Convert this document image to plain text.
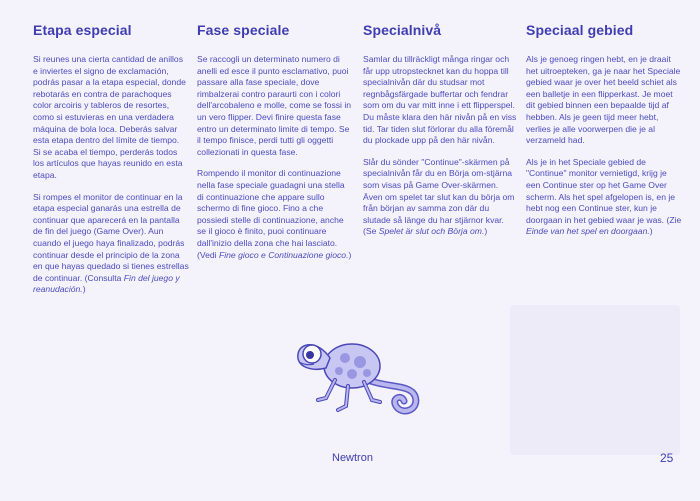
Etapa especial

Si reunes una cierta cantidad de anillos e inviertes el signo de exclamación, podrás pasar a la etapa especial, donde rebotarás en contra de parachoques color arcoiris y tableros de resortes, como si estuvieras en una verdadera máquina de bola loca. Deberás salvar esta etapa dentro del límite de tiempo. Si se acaba el tiempo, perderás todos los artículos que hayas reunido en esta etapa.

Si rompes el monitor de continuar en la etapa especial ganarás una estrella de continuar que aparecerá en la pantalla de fin del juego (Game Over). Aun cuando el juego haya finalizado, podrás continuar desde el principio de la zona en que hayas quedado si tienes estrellas de continuar. (Consulta Fin del juego y reanudación.)

Fase speciale

Se raccogli un determinato numero di anelli ed esce il punto esclamativo, puoi passare alla fase speciale, dove rimbalzerai contro paraurti con i colori dell'arcobaleno e molle, come se fossi in un vero flipper. Devi finire questa fase entro un determinato limite di tempo. Se il tempo finisce, perdi tutti gli oggetti collezionati in questa fase.

Rompendo il monitor di continuazione nella fase speciale guadagni una stella di continuazione che appare sullo schermo di fine gioco. Fino a che possiedi stelle di continuazione, anche se il gioco è finito, puoi continuare dall'inizio della zona che hai lasciato. (Vedi Fine gioco e Continuazione gioco.)

Specialnivå

Samlar du tillräckligt många ringar och får upp utropstecknet kan du hoppa till specialnivån där du studsar mot regnbågsfärgade buffertar och fendrar som om du var mitt inne i ett flipperspel. Du måste klara den här nivån på en viss tid. Tar tiden slut förlorar du alla föremål du plockade upp på den här nivån.

Slår du sönder "Continue"-skärmen på specialnivån får du en Börja om-stjärna som visas på Game Over-skärmen. Även om spelet tar slut kan du börja om från början av samma zon där du slutade så länge du har stjärnor kvar. (Se Spelet är slut och Börja om.)

Speciaal gebied

Als je genoeg ringen hebt, en je draait het uitroepteken, ga je naar het Speciale gebied waar je over het beeld schiet als een balletje in een flipperkast. Je moet dit gebied binnen een bepaalde tijd af hebben. Als je geen tijd meer hebt, verlies je alle voorwerpen die je al verzameld had.

Als je in het Speciale gebied de "Continue" monitor vernietigd, krijg je een Continue ster op het Game Over scherm. Als het spel afgelopen is, en je hebt nog een Continue ster, kun je doorgaan in het gebied waar je was. (Zie Einde van het spel en doorgaan.)

Newtron	25
